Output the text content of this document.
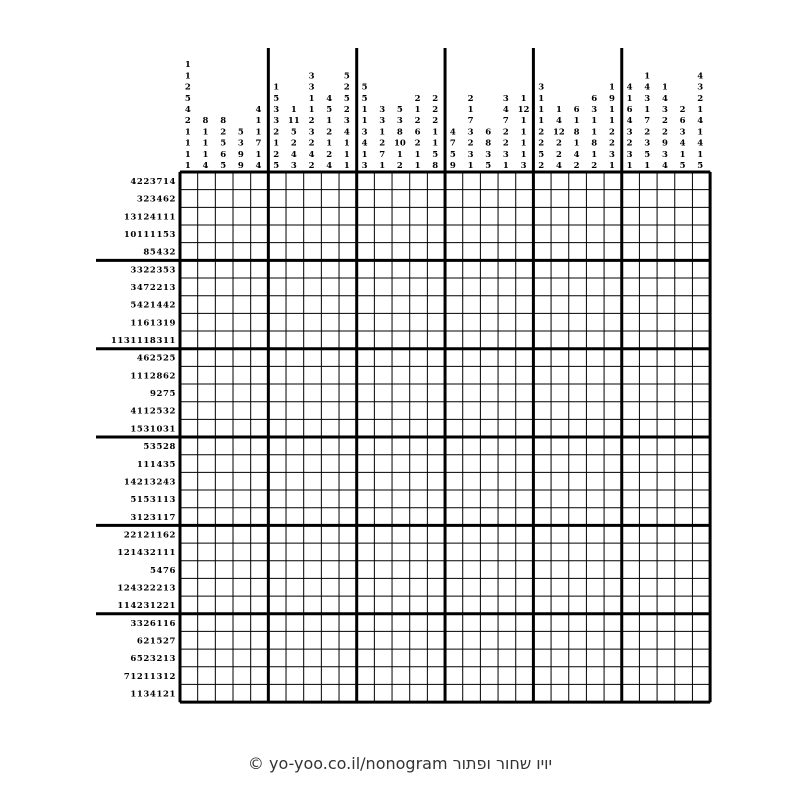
1
1
2
5
4
2
1
1
1
1
8
1
1
1
4
8
2
5
6
5
5
3
9
9
4
1
1
7
1
4
1
5
3
3
2
1
2
5
1
11
5
2
4
3
3
3
1
1
2
3
2
4
2
4
5
1
2
1
2
4
5
2
5
2
3
4
1
1
1
5
5
1
1
3
4
1
3
3
3
1
2
7
1
5
3
8
10
1
2
2
1
2
6
2
1
1
2
2
2
1
1
5
8
4
7
5
9
2
1
7
3
2
3
1
6
8
3
5
3
4
7
2
2
3
1
1
12
1
1
1
1
3
3
1
1
1
2
2
5
2
1
4
12
2
2
4
6
1
8
1
4
2
6
3
1
1
8
1
2
1
9
1
1
2
2
3
1
4
1
6
4
3
2
3
1
1
4
3
1
7
2
3
5
1
1
4
3
2
2
9
3
4
2
6
3
4
1
5
4
3
2
1
4
1
4
1
5
4223714
323462
13124111
10111153
85432
3322353
3472213
5421442
1161319
1131118311
462525
1112862
9275
4112532
1531031
53528
111435
14213243
5153113
3123117
22121162
121432111
5476
124322213
114231221
3326116
621527
6523213
71211312
1134121
© yo-yoo.co.il/nonogram יויו שחור ופתור
